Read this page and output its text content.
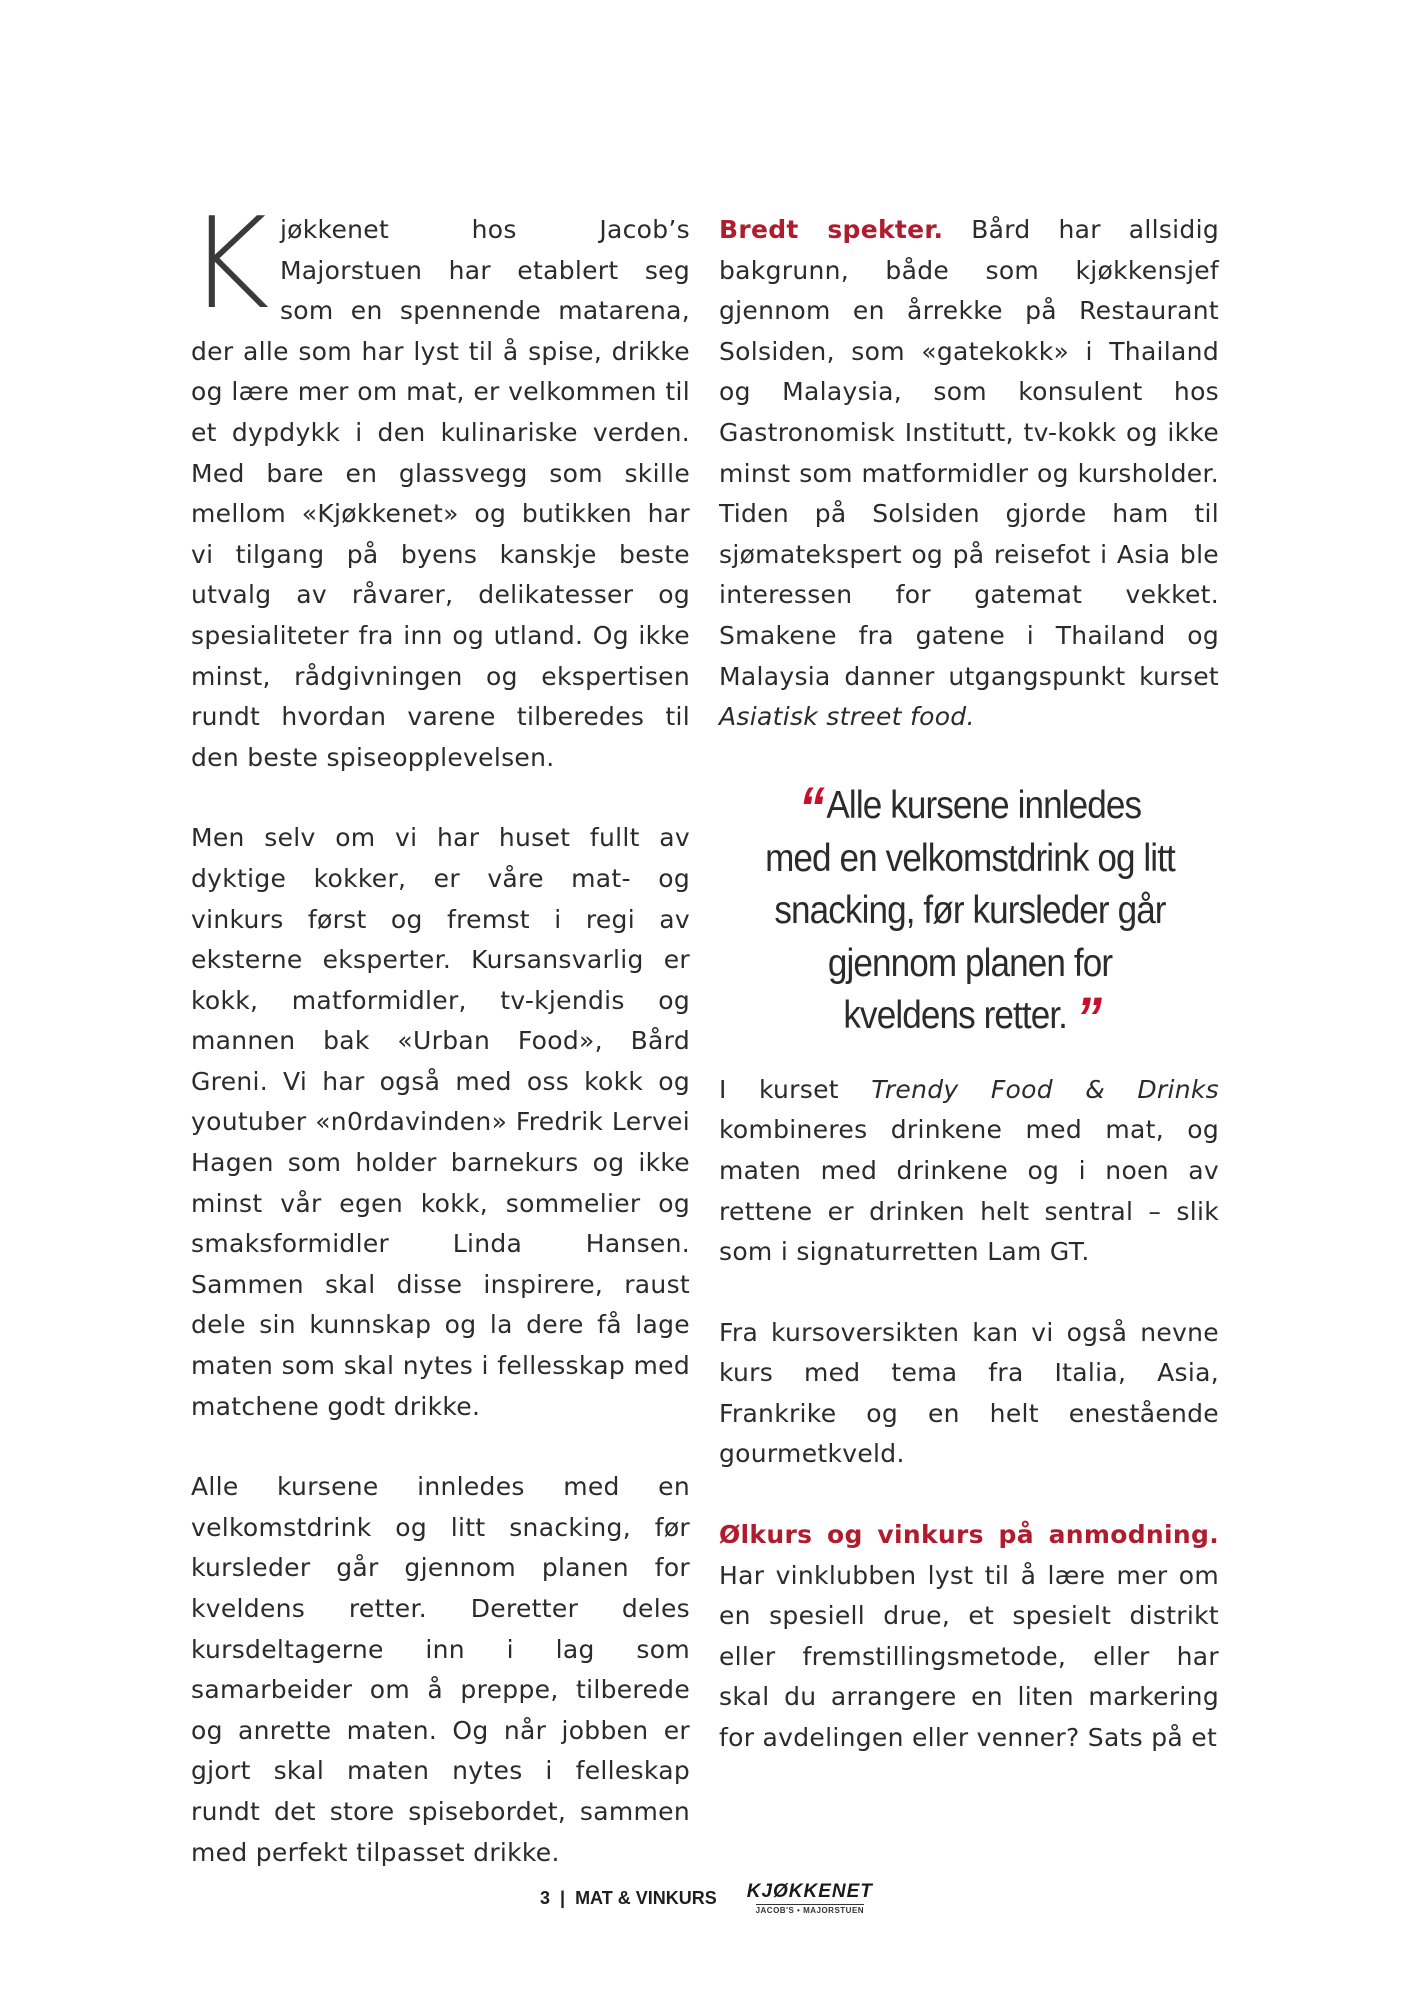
Kjøkkenet hos Jacob’s Majorstuen har etablert seg som en spennende matarena, der alle som har lyst til å spise, drikke og lære mer om mat, er velkommen til et dypdykk i den kulinariske verden. Med bare en glassvegg som skille mellom «Kjøkkenet» og butikken har vi tilgang på byens kanskje beste utvalg av råvarer, delikatesser og spesialiteter fra inn og utland. Og ikke minst, rådgivningen og ekspertisen rundt hvordan varene tilberedes til den beste spiseopplevelsen.

Men selv om vi har huset fullt av dyktige kokker, er våre mat- og vinkurs først og fremst i regi av eksterne eksperter. Kursansvarlig er kokk, matformidler, tv-kjendis og mannen bak «Urban Food», Bård Greni. Vi har også med oss kokk og youtuber «n0rdavinden» Fredrik Lervei Hagen som holder barnekurs og ikke minst vår egen kokk, sommelier og smaksformidler Linda Hansen. Sammen skal disse inspirere, raust dele sin kunnskap og la dere få lage maten som skal nytes i fellesskap med matchene godt drikke.

Alle kursene innledes med en velkomstdrink og litt snacking, før kursleder går gjennom planen for kveldens retter. Deretter deles kursdeltagerne inn i lag som samarbeider om å preppe, tilberede og anrette maten. Og når jobben er gjort skal maten nytes i felleskap rundt det store spisebordet, sammen med perfekt tilpasset drikke.

Bredt spekter. Bård har allsidig bakgrunn, både som kjøkkensjef gjennom en årrekke på Restaurant Solsiden, som «gatekokk» i Thailand og Malaysia, som konsulent hos Gastronomisk Institutt, tv-kokk og ikke minst som matformidler og kursholder. Tiden på Solsiden gjorde ham til sjømatekspert og på reisefot i Asia ble interessen for gatemat vekket. Smakene fra gatene i Thailand og Malaysia danner utgangspunkt kurset Asiatisk street food.

I kurset Trendy Food & Drinks kombineres drinkene med mat, og maten med drinkene og i noen av rettene er drinken helt sentral – slik som i signaturretten Lam GT.

Fra kursoversikten kan vi også nevne kurs med tema fra Italia, Asia, Frankrike og en helt enestående gourmetkveld.

Ølkurs og vinkurs på anmodning. Har vinklubben lyst til å lære mer om en spesiell drue, et spesielt distrikt eller fremstillingsmetode, eller har skal du arrangere en liten markering for avdelingen eller venner? Sats på et

“ Alle kursene innledes med en velkomstdrink og litt snacking, før kursleder går gjennom planen for kveldens retter. ”
3 | MAT & VINKURS KJØKKENET
JACOB'S • MAJORSTUEN
